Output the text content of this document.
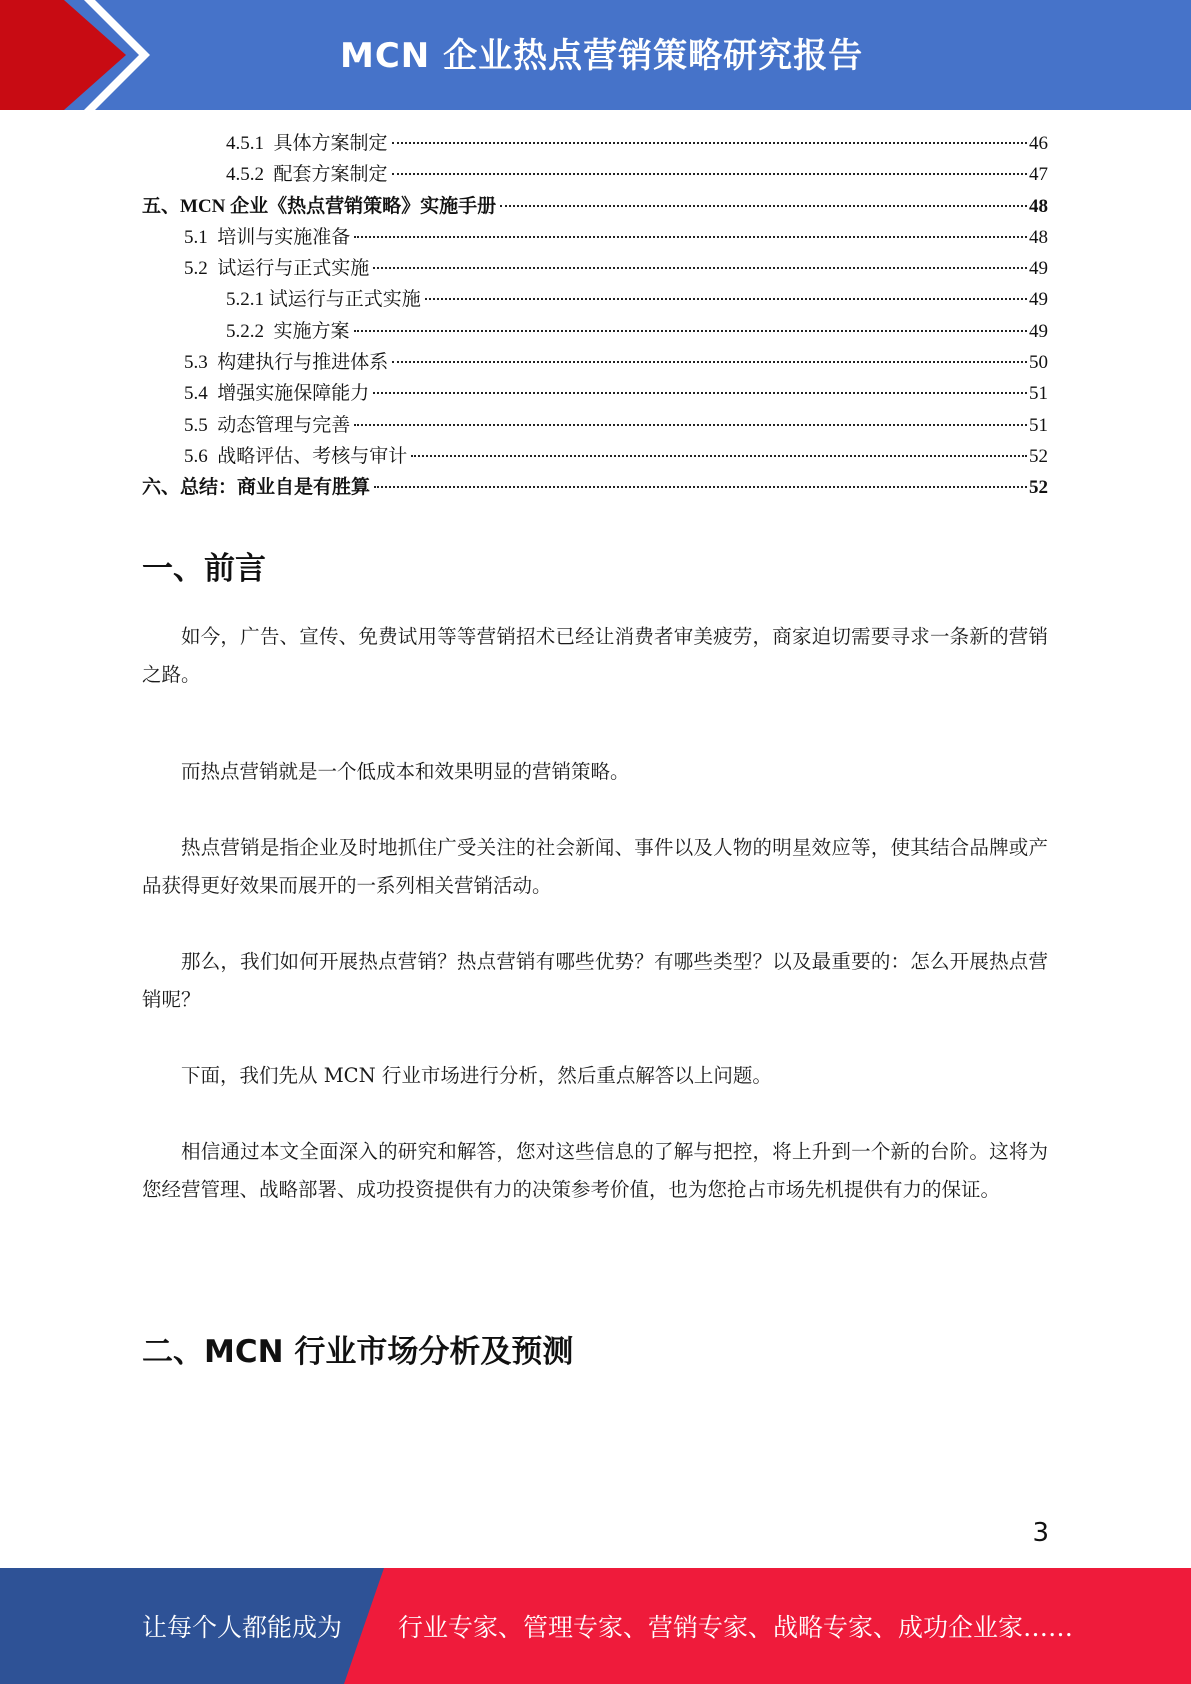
MCN 企业热点营销策略研究报告
4.5.1 具体方案制定	46
4.5.2 配套方案制定	47
五、 MCN 企业《热点营销策略》实施手册	48
5.1 培训与实施准备	48
5.2 试运行与正式实施	49
5.2.1 试运行与正式实施	49
5.2.2 实施方案	49
5.3 构建执行与推进体系	50
5.4 增强实施保障能力	51
5.5 动态管理与完善	51
5.6 战略评估、考核与审计	52
六、 总结：商业自是有胜算	52
一、前言

如今，广告、宣传、免费试用等等营销招术已经让消费者审美疲劳，商家迫切需要寻求一条新的营销之路。

而热点营销就是一个低成本和效果明显的营销策略。

热点营销是指企业及时地抓住广受关注的社会新闻、事件以及人物的明星效应等，使其结合品牌或产品获得更好效果而展开的一系列相关营销活动。

那么，我们如何开展热点营销？热点营销有哪些优势？有哪些类型？以及最重要的：怎么开展热点营销呢？

下面，我们先从 MCN 行业市场进行分析，然后重点解答以上问题。

相信通过本文全面深入的研究和解答，您对这些信息的了解与把控，将上升到一个新的台阶。这将为您经营管理、战略部署、成功投资提供有力的决策参考价值，也为您抢占市场先机提供有力的保证。

二、MCN 行业市场分析及预测
3
让每个人都能成为 行业专家、管理专家、营销专家、战略专家、成功企业家……
